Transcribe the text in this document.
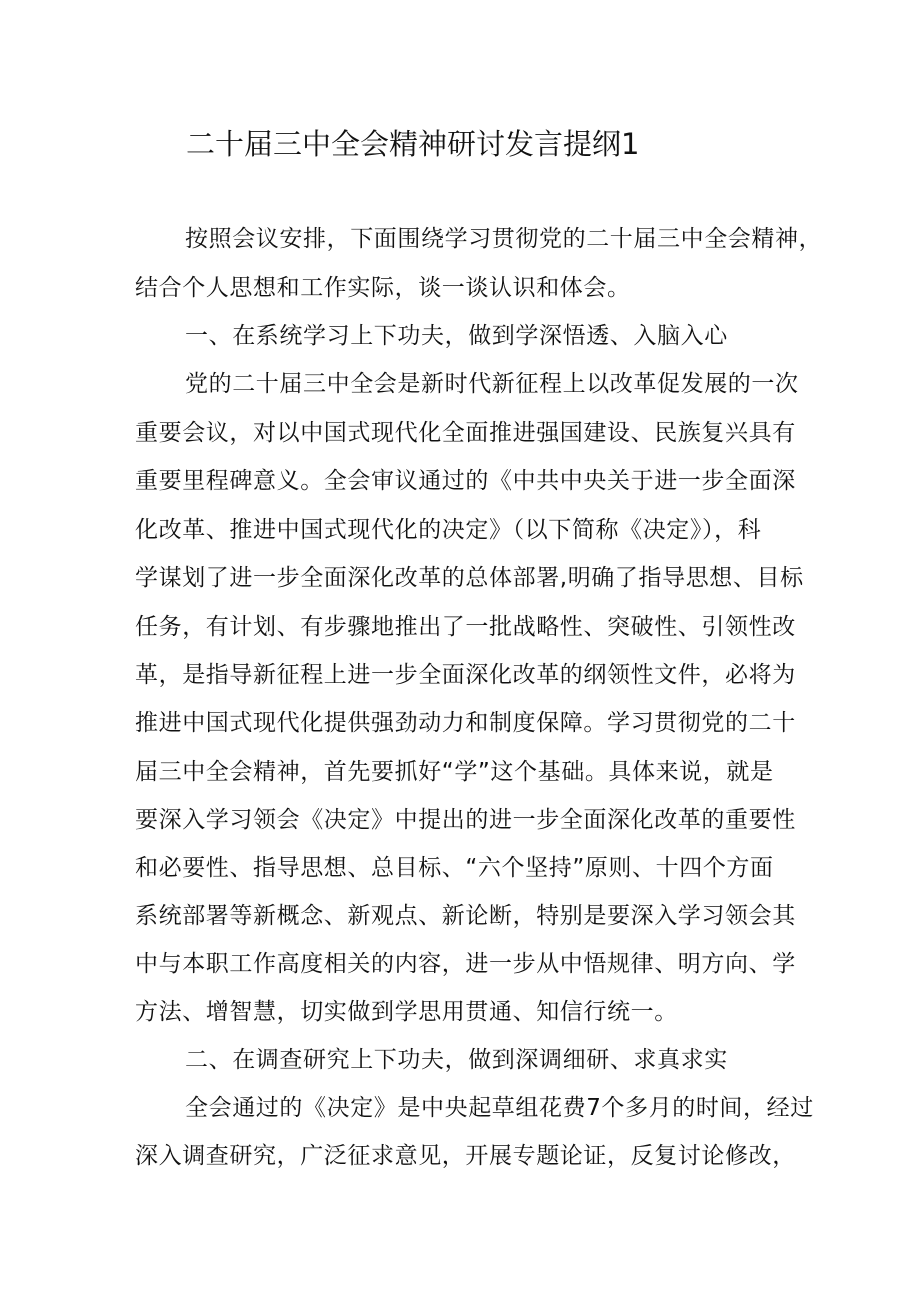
二十届三中全会精神研讨发言提纲1
按照会议安排，下面围绕学习贯彻党的二十届三中全会精神，
结合个人思想和工作实际，谈一谈认识和体会。
一、在系统学习上下功夫，做到学深悟透、入脑入心
党的二十届三中全会是新时代新征程上以改革促发展的一次
重要会议，对以中国式现代化全面推进强国建设、民族复兴具有
重要里程碑意义。全会审议通过的《中共中央关于进一步全面深
化改革、推进中国式现代化的决定》（以下简称《决定》），科
学谋划了进一步全面深化改革的总体部署,明确了指导思想、目标
任务，有计划、有步骤地推出了一批战略性、突破性、引领性改
革，是指导新征程上进一步全面深化改革的纲领性文件，必将为
推进中国式现代化提供强劲动力和制度保障。学习贯彻党的二十
届三中全会精神，首先要抓好“学”这个基础。具体来说，就是
要深入学习领会《决定》中提出的进一步全面深化改革的重要性
和必要性、指导思想、总目标、“六个坚持”原则、十四个方面
系统部署等新概念、新观点、新论断，特别是要深入学习领会其
中与本职工作高度相关的内容，进一步从中悟规律、明方向、学
方法、增智慧，切实做到学思用贯通、知信行统一。
二、在调查研究上下功夫，做到深调细研、求真求实
全会通过的《决定》是中央起草组花费7个多月的时间，经过
深入调查研究，广泛征求意见，开展专题论证，反复讨论修改，
